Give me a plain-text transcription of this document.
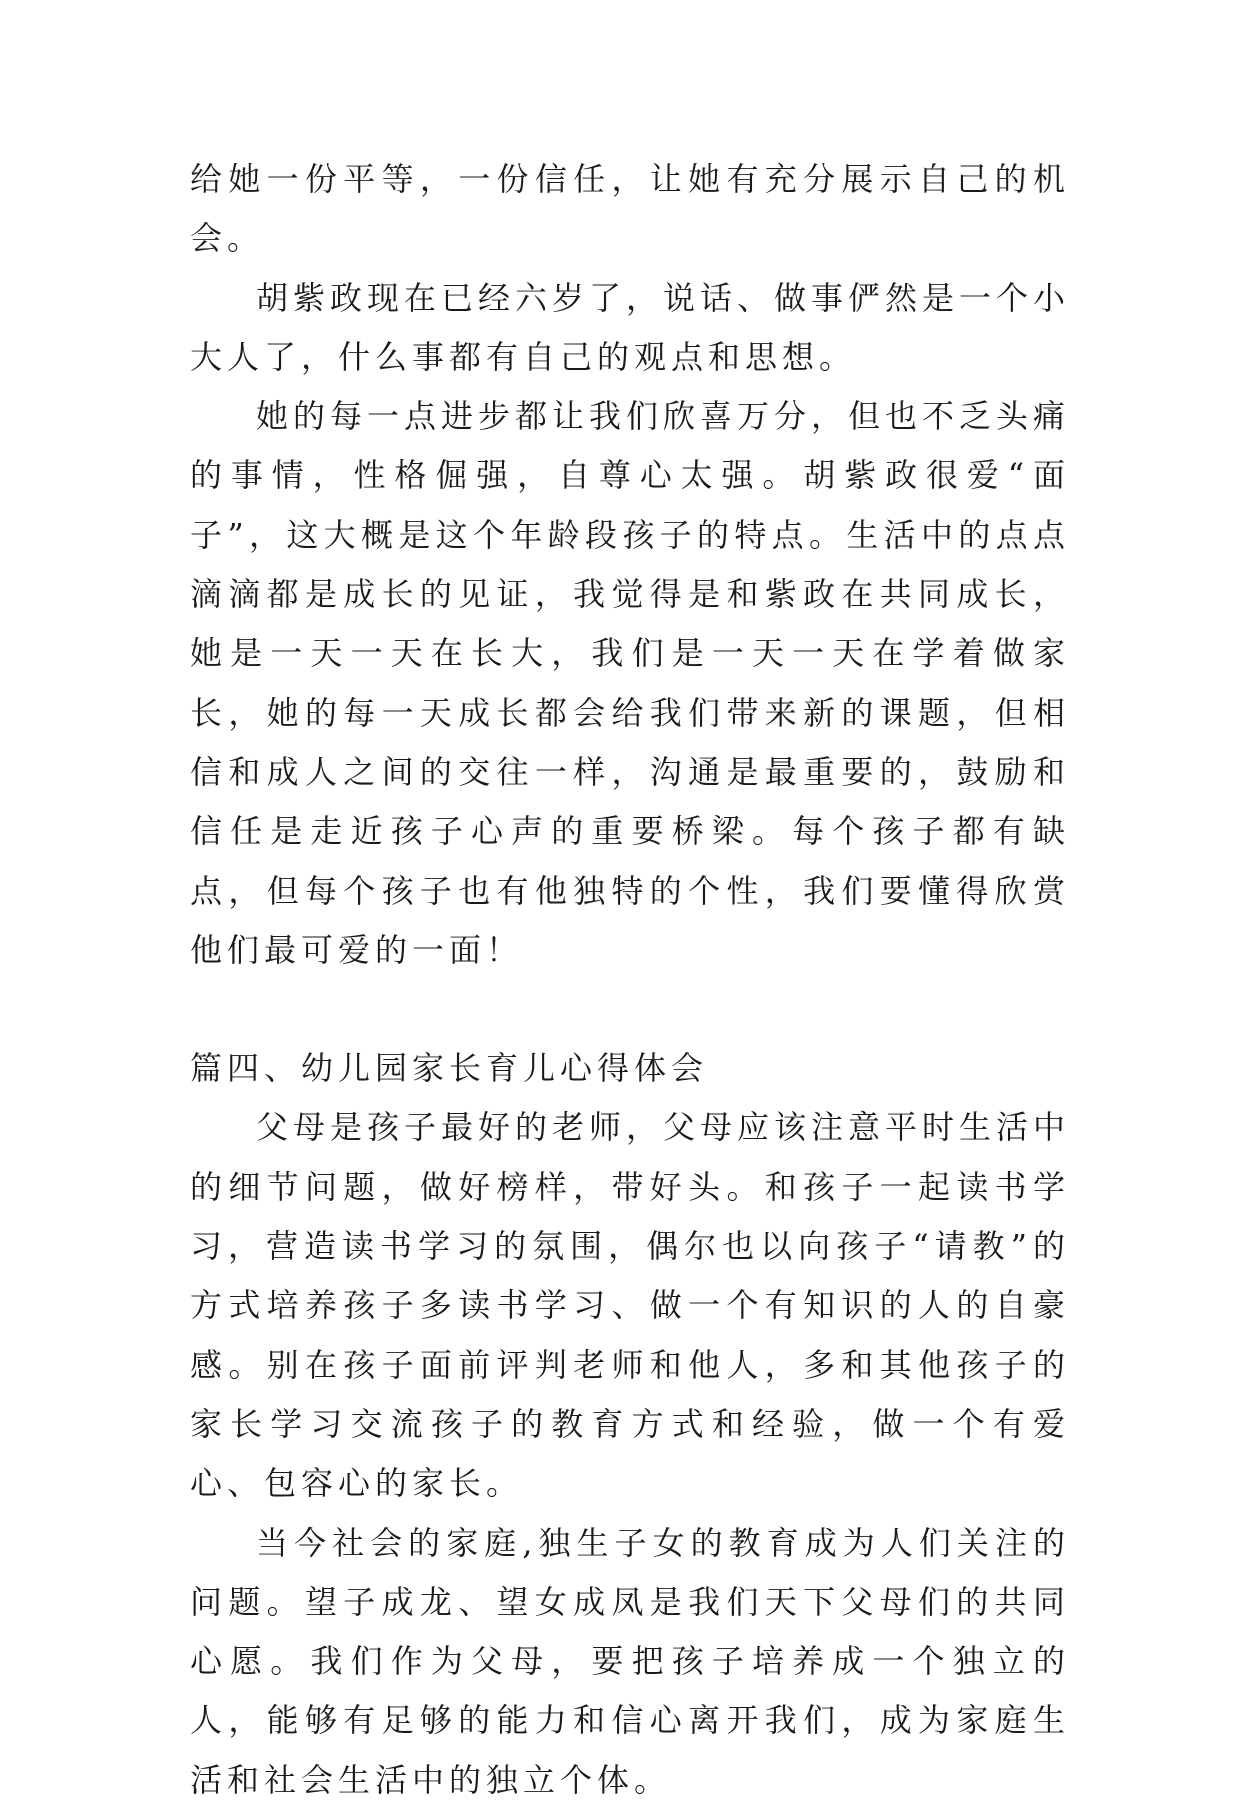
给她一份平等，一份信任，让她有充分展示自己的机会。

胡紫政现在已经六岁了，说话、做事俨然是一个小大人了，什么事都有自己的观点和思想。

她的每一点进步都让我们欣喜万分，但也不乏头痛的事情，性格倔强，自尊心太强。胡紫政很爱“面子”，这大概是这个年龄段孩子的特点。生活中的点点滴滴都是成长的见证，我觉得是和紫政在共同成长，她是一天一天在长大，我们是一天一天在学着做家长，她的每一天成长都会给我们带来新的课题，但相信和成人之间的交往一样，沟通是最重要的，鼓励和信任是走近孩子心声的重要桥梁。每个孩子都有缺点，但每个孩子也有他独特的个性，我们要懂得欣赏他们最可爱的一面！

篇四、幼儿园家长育儿心得体会

父母是孩子最好的老师，父母应该注意平时生活中的细节问题，做好榜样，带好头。和孩子一起读书学习，营造读书学习的氛围，偶尔也以向孩子“请教”的方式培养孩子多读书学习、做一个有知识的人的自豪感。别在孩子面前评判老师和他人，多和其他孩子的家长学习交流孩子的教育方式和经验，做一个有爱心、包容心的家长。

当今社会的家庭,独生子女的教育成为人们关注的问题。望子成龙、望女成凤是我们天下父母们的共同心愿。我们作为父母，要把孩子培养成一个独立的人，能够有足够的能力和信心离开我们，成为家庭生活和社会生活中的独立个体。
